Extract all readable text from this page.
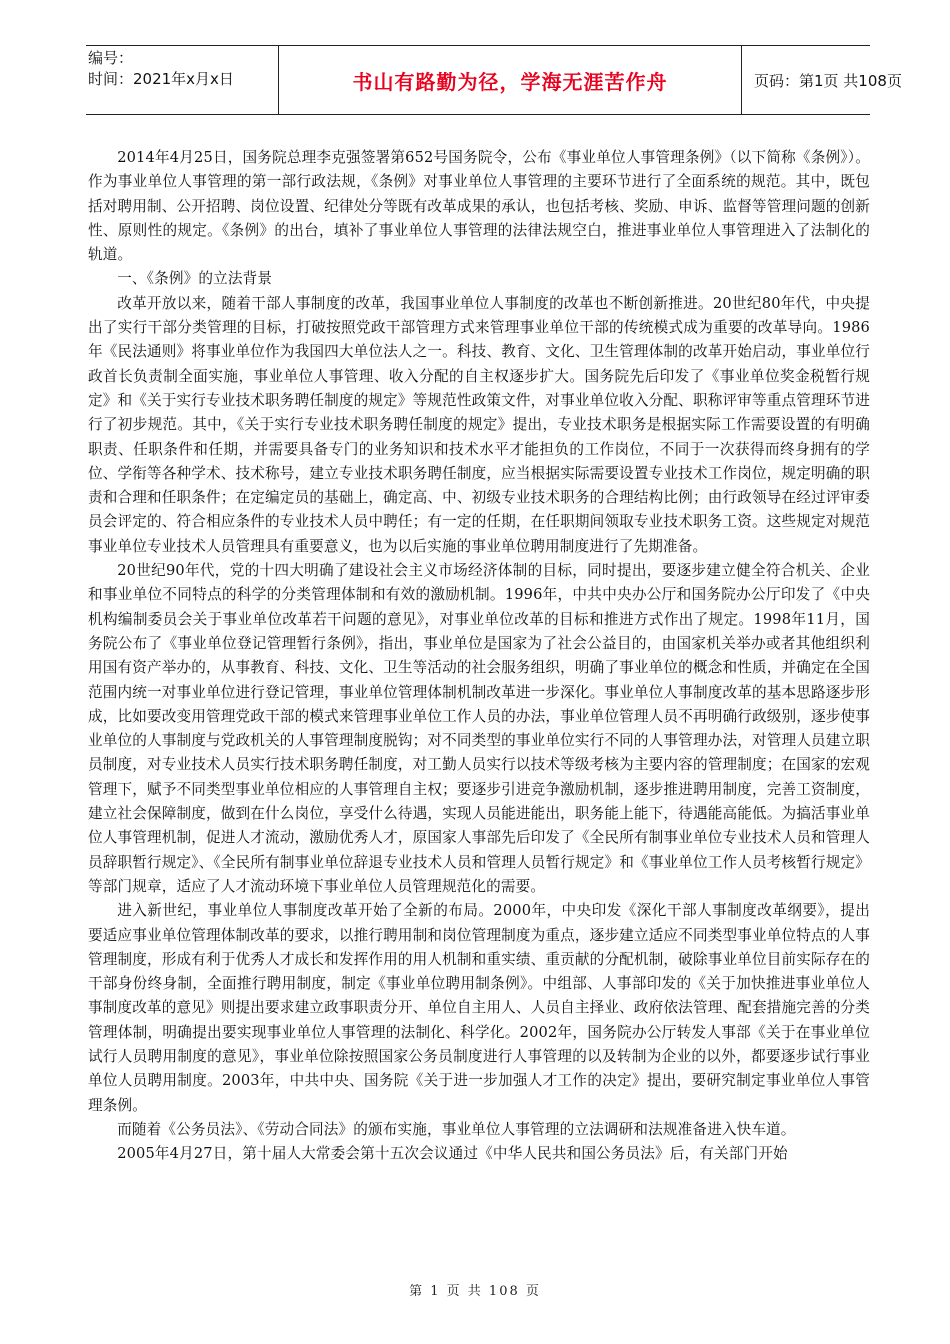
编号：
时间：2021年x月x日	书山有路勤为径，学海无涯苦作舟	页码：第1页 共108页

2014年4月25日，国务院总理李克强签署第652号国务院令，公布《事业单位人事管理条例》（以下简称《条例》）。作为事业单位人事管理的第一部行政法规，《条例》对事业单位人事管理的主要环节进行了全面系统的规范。其中，既包括对聘用制、公开招聘、岗位设置、纪律处分等既有改革成果的承认，也包括考核、奖励、申诉、监督等管理问题的创新性、原则性的规定。《条例》的出台，填补了事业单位人事管理的法律法规空白，推进事业单位人事管理进入了法制化的轨道。

一、《条例》的立法背景

改革开放以来，随着干部人事制度的改革，我国事业单位人事制度的改革也不断创新推进。20世纪80年代，中央提出了实行干部分类管理的目标，打破按照党政干部管理方式来管理事业单位干部的传统模式成为重要的改革导向。1986年《民法通则》将事业单位作为我国四大单位法人之一。科技、教育、文化、卫生管理体制的改革开始启动，事业单位行政首长负责制全面实施，事业单位人事管理、收入分配的自主权逐步扩大。国务院先后印发了《事业单位奖金税暂行规定》和《关于实行专业技术职务聘任制度的规定》等规范性政策文件，对事业单位收入分配、职称评审等重点管理环节进行了初步规范。其中，《关于实行专业技术职务聘任制度的规定》提出，专业技术职务是根据实际工作需要设置的有明确职责、任职条件和任期，并需要具备专门的业务知识和技术水平才能担负的工作岗位，不同于一次获得而终身拥有的学位、学衔等各种学术、技术称号，建立专业技术职务聘任制度，应当根据实际需要设置专业技术工作岗位，规定明确的职责和合理和任职条件；在定编定员的基础上，确定高、中、初级专业技术职务的合理结构比例；由行政领导在经过评审委员会评定的、符合相应条件的专业技术人员中聘任；有一定的任期，在任职期间领取专业技术职务工资。这些规定对规范事业单位专业技术人员管理具有重要意义，也为以后实施的事业单位聘用制度进行了先期准备。

20世纪90年代，党的十四大明确了建设社会主义市场经济体制的目标，同时提出，要逐步建立健全符合机关、企业和事业单位不同特点的科学的分类管理体制和有效的激励机制。1996年，中共中央办公厅和国务院办公厅印发了《中央机构编制委员会关于事业单位改革若干问题的意见》，对事业单位改革的目标和推进方式作出了规定。1998年11月，国务院公布了《事业单位登记管理暂行条例》，指出，事业单位是国家为了社会公益目的，由国家机关举办或者其他组织利用国有资产举办的，从事教育、科技、文化、卫生等活动的社会服务组织，明确了事业单位的概念和性质，并确定在全国范围内统一对事业单位进行登记管理，事业单位管理体制机制改革进一步深化。事业单位人事制度改革的基本思路逐步形成，比如要改变用管理党政干部的模式来管理事业单位工作人员的办法，事业单位管理人员不再明确行政级别，逐步使事业单位的人事制度与党政机关的人事管理制度脱钩；对不同类型的事业单位实行不同的人事管理办法，对管理人员建立职员制度，对专业技术人员实行技术职务聘任制度，对工勤人员实行以技术等级考核为主要内容的管理制度；在国家的宏观管理下，赋予不同类型事业单位相应的人事管理自主权；要逐步引进竞争激励机制，逐步推进聘用制度，完善工资制度，建立社会保障制度，做到在什么岗位，享受什么待遇，实现人员能进能出，职务能上能下，待遇能高能低。为搞活事业单位人事管理机制，促进人才流动，激励优秀人才，原国家人事部先后印发了《全民所有制事业单位专业技术人员和管理人员辞职暂行规定》、《全民所有制事业单位辞退专业技术人员和管理人员暂行规定》和《事业单位工作人员考核暂行规定》等部门规章，适应了人才流动环境下事业单位人员管理规范化的需要。

进入新世纪，事业单位人事制度改革开始了全新的布局。2000年，中央印发《深化干部人事制度改革纲要》，提出要适应事业单位管理体制改革的要求，以推行聘用制和岗位管理制度为重点，逐步建立适应不同类型事业单位特点的人事管理制度，形成有利于优秀人才成长和发挥作用的用人机制和重实绩、重贡献的分配机制，破除事业单位目前实际存在的干部身份终身制，全面推行聘用制度，制定《事业单位聘用制条例》。中组部、人事部印发的《关于加快推进事业单位人事制度改革的意见》则提出要求建立政事职责分开、单位自主用人、人员自主择业、政府依法管理、配套措施完善的分类管理体制，明确提出要实现事业单位人事管理的法制化、科学化。2002年，国务院办公厅转发人事部《关于在事业单位试行人员聘用制度的意见》，事业单位除按照国家公务员制度进行人事管理的以及转制为企业的以外，都要逐步试行事业单位人员聘用制度。2003年，中共中央、国务院《关于进一步加强人才工作的决定》提出，要研究制定事业单位人事管理条例。

而随着《公务员法》、《劳动合同法》的颁布实施，事业单位人事管理的立法调研和法规准备进入快车道。

2005年4月27日，第十届人大常委会第十五次会议通过《中华人民共和国公务员法》后，有关部门开始

第 1 页 共 108 页
